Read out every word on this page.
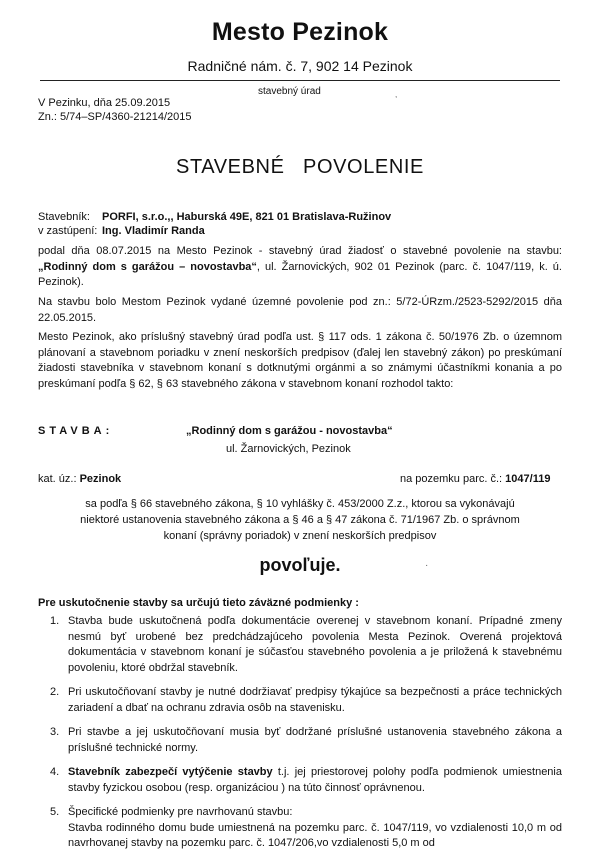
Mesto Pezinok
Radničné nám. č. 7, 902 14 Pezinok
stavebný úrad	,
V Pezinku, dňa 25.09.2015
Zn.: 5/74–SP/4360-21214/2015
STAVEBNÉ   POVOLENIE
Stavebník: PORFI, s.r.o.,, Haburská 49E, 821 01 Bratislava-Ružinov
v zastúpení: Ing. Vladimír Randa
podal dňa 08.07.2015 na Mesto Pezinok - stavebný úrad žiadosť o stavebné povolenie na stavbu: „Rodinný dom s garážou – novostavba“, ul. Žarnovických, 902 01 Pezinok (parc. č. 1047/119, k. ú. Pezinok).
Na stavbu bolo Mestom Pezinok vydané územné povolenie pod zn.: 5/72-ÚRzm./2523-5292/2015 dňa 22.05.2015.
Mesto Pezinok, ako príslušný stavebný úrad podľa ust. § 117 ods. 1 zákona č. 50/1976 Zb. o územnom plánovaní a stavebnom poriadku v znení neskorších predpisov (ďalej len stavebný zákon) po preskúmaní žiadosti stavebníka v stavebnom konaní s dotknutými orgánmi a so známymi účastníkmi konania a po preskúmaní podľa § 62, § 63 stavebného zákona v stavebnom konaní rozhodol takto:
STAVBA:	„Rodinný dom s garážou - novostavba“
ul. Žarnovických, Pezinok
kat. úz.: Pezinok	na pozemku parc. č.: 1047/119
sa podľa § 66 stavebného zákona, § 10 vyhlášky č. 453/2000 Z.z., ktorou sa vykonávajú
niektoré ustanovenia stavebného zákona a § 46 a § 47 zákona č. 71/1967 Zb. o správnom
konaní (správny poriadok) v znení neskorších predpisov
povoľuje.	·
Pre uskutočnenie stavby sa určujú tieto záväzné podmienky :
1. Stavba bude uskutočnená podľa dokumentácie overenej v stavebnom konaní. Prípadné zmeny nesmú byť urobené bez predchádzajúceho povolenia Mesta Pezinok. Overená projektová dokumentácia v stavebnom konaní je súčasťou stavebného povolenia a je priložená k stavebnému povoleniu, ktoré obdržal stavebník.
2. Pri uskutočňovaní stavby je nutné dodržiavať predpisy týkajúce sa bezpečnosti a práce technických zariadení a dbať na ochranu zdravia osôb na stavenisku.
3. Pri stavbe a jej uskutočňovaní musia byť dodržané príslušné ustanovenia stavebného zákona a príslušné technické normy.
4. Stavebník zabezpečí vytýčenie stavby t.j. jej priestorovej polohy podľa podmienok umiestnenia stavby fyzickou osobou (resp. organizáciou ) na túto činnosť oprávnenou.
5. Špecifické podmienky pre navrhovanú stavbu:
Stavba rodinného domu bude umiestnená na pozemku parc. č. 1047/119, vo vzdialenosti 10,0 m od navrhovanej stavby na pozemku parc. č. 1047/206,vo vzdialenosti 5,0 m od
